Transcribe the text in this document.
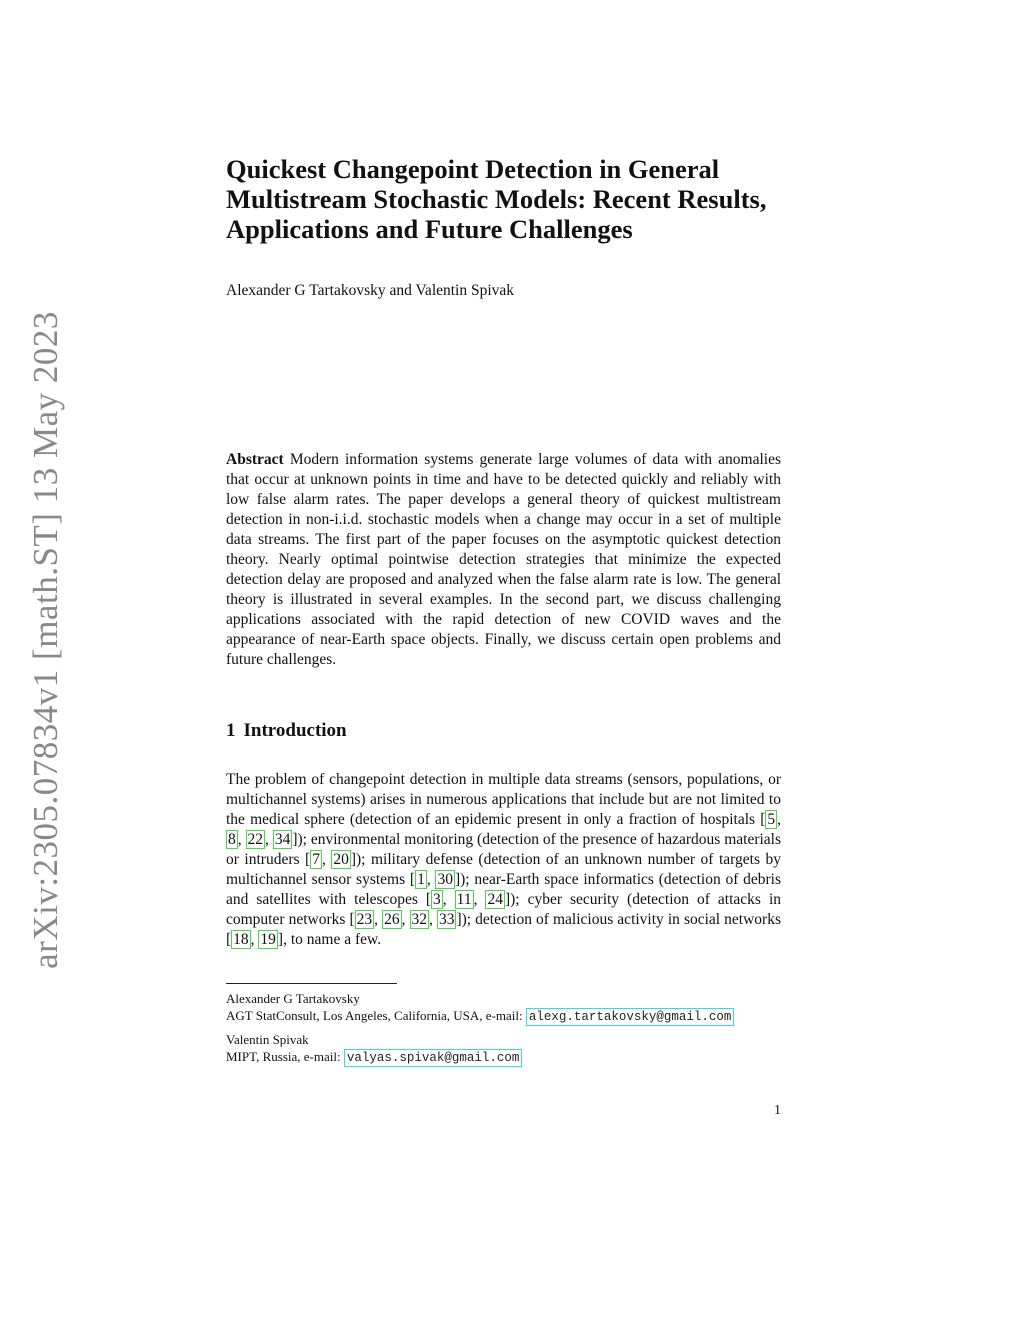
arXiv:2305.07834v1 [math.ST] 13 May 2023
Quickest Changepoint Detection in General
Multistream Stochastic Models: Recent Results,
Applications and Future Challenges
Alexander G Tartakovsky and Valentin Spivak

Abstract Modern information systems generate large volumes of data with anomalies that occur at unknown points in time and have to be detected quickly and reliably with low false alarm rates. The paper develops a general theory of quickest multistream detection in non-i.i.d. stochastic models when a change may occur in a set of multiple data streams. The first part of the paper focuses on the asymptotic quickest detection theory. Nearly optimal pointwise detection strategies that minimize the expected detection delay are proposed and analyzed when the false alarm rate is low. The general theory is illustrated in several examples. In the second part, we discuss challenging applications associated with the rapid detection of new COVID waves and the appearance of near-Earth space objects. Finally, we discuss certain open problems and future challenges.

1 Introduction

The problem of changepoint detection in multiple data streams (sensors, populations, or multichannel systems) arises in numerous applications that include but are not limited to the medical sphere (detection of an epidemic present in only a fraction of hospitals [ 5 , 8 , 22 , 34 ]); environmental monitoring (detection of the presence of hazardous materials or intruders [ 7 , 20 ]); military defense (detection of an unknown number of targets by multichannel sensor systems [ 1 , 30 ]); near-Earth space informatics (detection of debris and satellites with telescopes [ 3 , 11 , 24 ]); cyber security (detection of attacks in computer networks [ 23 , 26 , 32 , 33 ]); detection of malicious activity in social networks [ 18 , 19 ], to name a few.

Alexander G Tartakovsky
AGT StatConsult, Los Angeles, California, USA, e-mail: alexg.tartakovsky@gmail.com
Valentin Spivak
MIPT, Russia, e-mail: valyas.spivak@gmail.com
1
